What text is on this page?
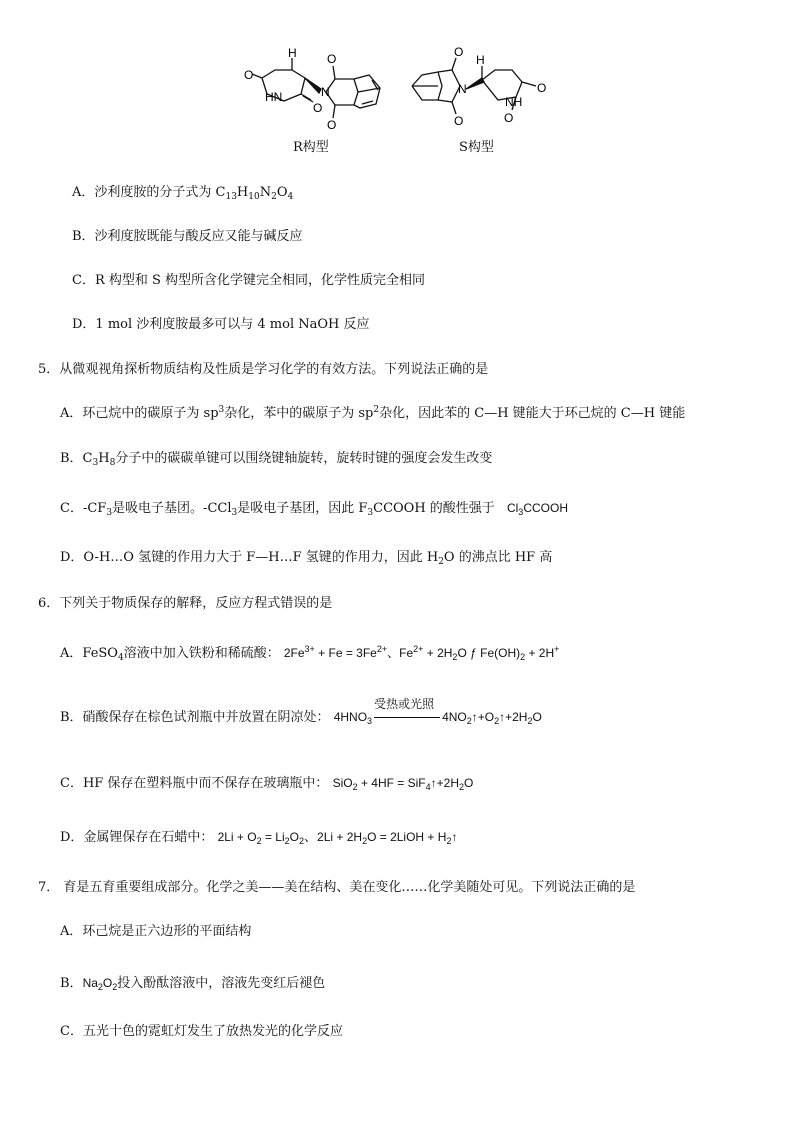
O
HN
O
H
N
O
O
O
N
O
H
NH
O
O
R构型	S构型
A．沙利度胺的分子式为 $C_{13}H_{10}N_2O_4$
B．沙利度胺既能与酸反应又能与碱反应
C．R 构型和 S 构型所含化学键完全相同，化学性质完全相同
D．1 mol 沙利度胺最多可以与 4 mol NaOH 反应
5．从微观视角探析物质结构及性质是学习化学的有效方法。下列说法正确的是
A．环己烷中的碳原子为 $sp^3$杂化，苯中的碳原子为 $sp^2$杂化，因此苯的 C—H 键能大于环己烷的 C—H 键能
B．$C_3H_8$分子中的碳碳单键可以围绕键轴旋转，旋转时键的强度会发生改变
C．$-CF_3$是吸电子基团。-CCl$_3$是吸电子基团，因此 $F_3CCOOH$ 的酸性强于 $Cl_3CCOOH$
D．O-H…O 氢键的作用力大于 F—H…F 氢键的作用力，因此 $H_2O$ 的沸点比 HF 高
6．下列关于物质保存的解释，反应方程式错误的是
A．FeSO$_4$溶液中加入铁粉和稀硫酸： $2Fe^{3+} + Fe = 3Fe^{2+}$、$Fe^{2+} + 2H_2O$ ƒ $Fe(OH)_2 + 2H^+$
B．硝酸保存在棕色试剂瓶中并放置在阴凉处： $4HNO_3$
受热或光照
$4NO_2↑+O_2↑+2H_2O$
C．HF 保存在塑料瓶中而不保存在玻璃瓶中： $SiO_2 + 4HF = SiF_4↑+2H_2O$
D．金属锂保存在石蜡中： $2Li + O_2 = Li_2O_2$、$2Li + 2H_2O$ = 2LiOH + $H_2↑$
7． 育是五育重要组成部分。化学之美——美在结构、美在变化……化学美随处可见。下列说法正确的是
A．环己烷是正六边形的平面结构
B．$Na_2O_2$投入酚酞溶液中，溶液先变红后褪色
C．五光十色的霓虹灯发生了放热发光的化学反应
